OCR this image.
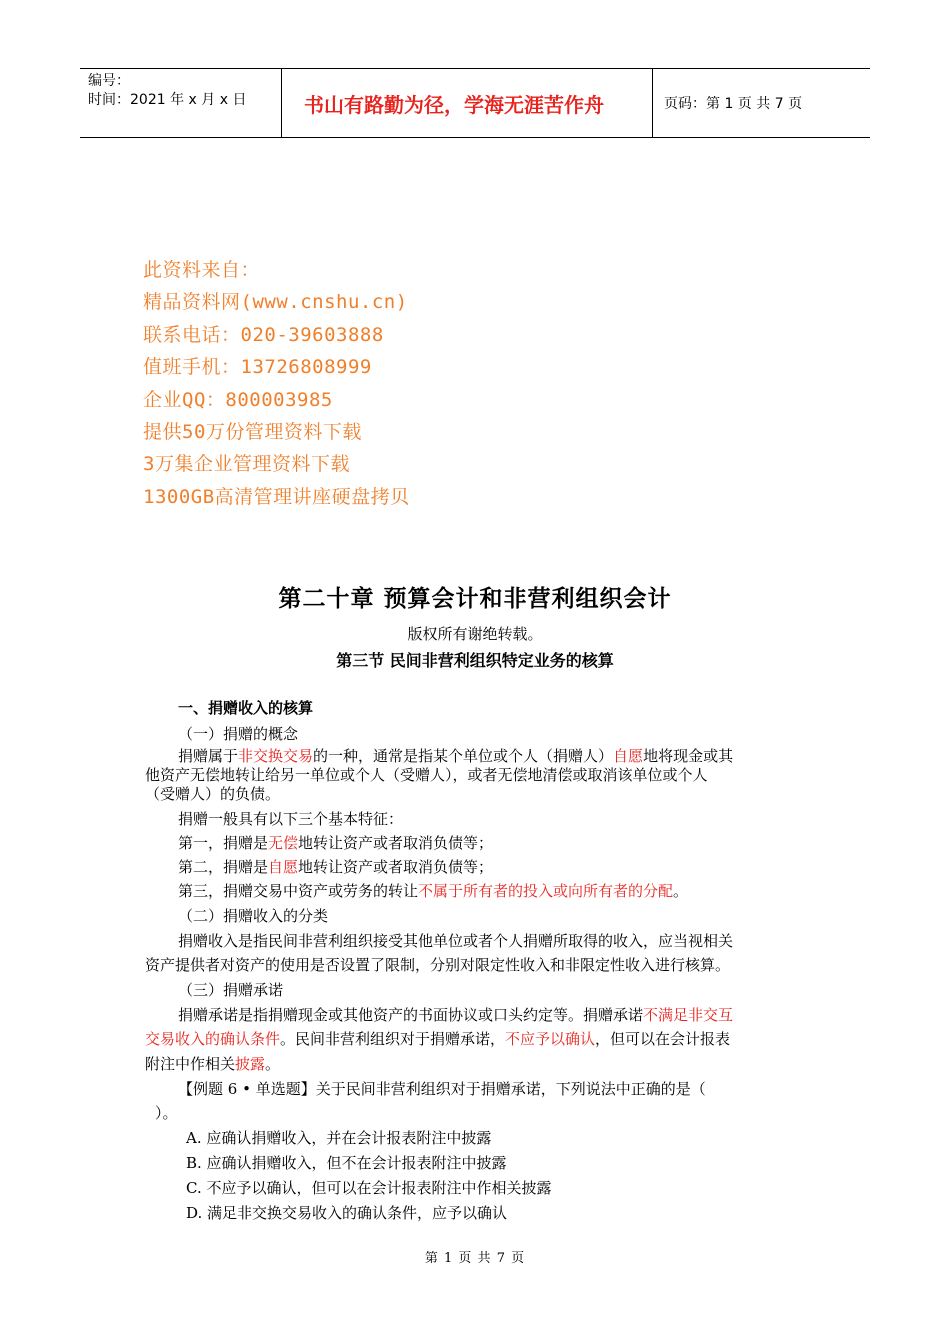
编号：
时间：2021 年 x 月 x 日	书山有路勤为径，学海无涯苦作舟	页码：第 1 页 共 7 页
此资料来自：
精品资料网(www.cnshu.cn)
联系电话：020-39603888
值班手机：13726808999
企业QQ：800003985
提供50万份管理资料下载
3万集企业管理资料下载
1300GB高清管理讲座硬盘拷贝
第二十章 预算会计和非营利组织会计
版权所有谢绝转载。
第三节 民间非营利组织特定业务的核算
一、捐赠收入的核算
（一）捐赠的概念
捐赠属于非交换交易的一种，通常是指某个单位或个人（捐赠人）自愿地将现金或其
他资产无偿地转让给另一单位或个人（受赠人），或者无偿地清偿或取消该单位或个人
（受赠人）的负债。
捐赠一般具有以下三个基本特征：
第一，捐赠是无偿地转让资产或者取消负债等；
第二，捐赠是自愿地转让资产或者取消负债等；
第三，捐赠交易中资产或劳务的转让不属于所有者的投入或向所有者的分配。
（二）捐赠收入的分类
捐赠收入是指民间非营利组织接受其他单位或者个人捐赠所取得的收入，应当视相关
资产提供者对资产的使用是否设置了限制，分别对限定性收入和非限定性收入进行核算。
（三）捐赠承诺
捐赠承诺是指捐赠现金或其他资产的书面协议或口头约定等。捐赠承诺不满足非交互
交易收入的确认条件。民间非营利组织对于捐赠承诺，不应予以确认，但可以在会计报表
附注中作相关披露。
【例题 6 • 单选题】关于民间非营利组织对于捐赠承诺，下列说法中正确的是（
）。
A. 应确认捐赠收入，并在会计报表附注中披露
B. 应确认捐赠收入，但不在会计报表附注中披露
C. 不应予以确认，但可以在会计报表附注中作相关披露
D. 满足非交换交易收入的确认条件，应予以确认
第 1 页 共 7 页
